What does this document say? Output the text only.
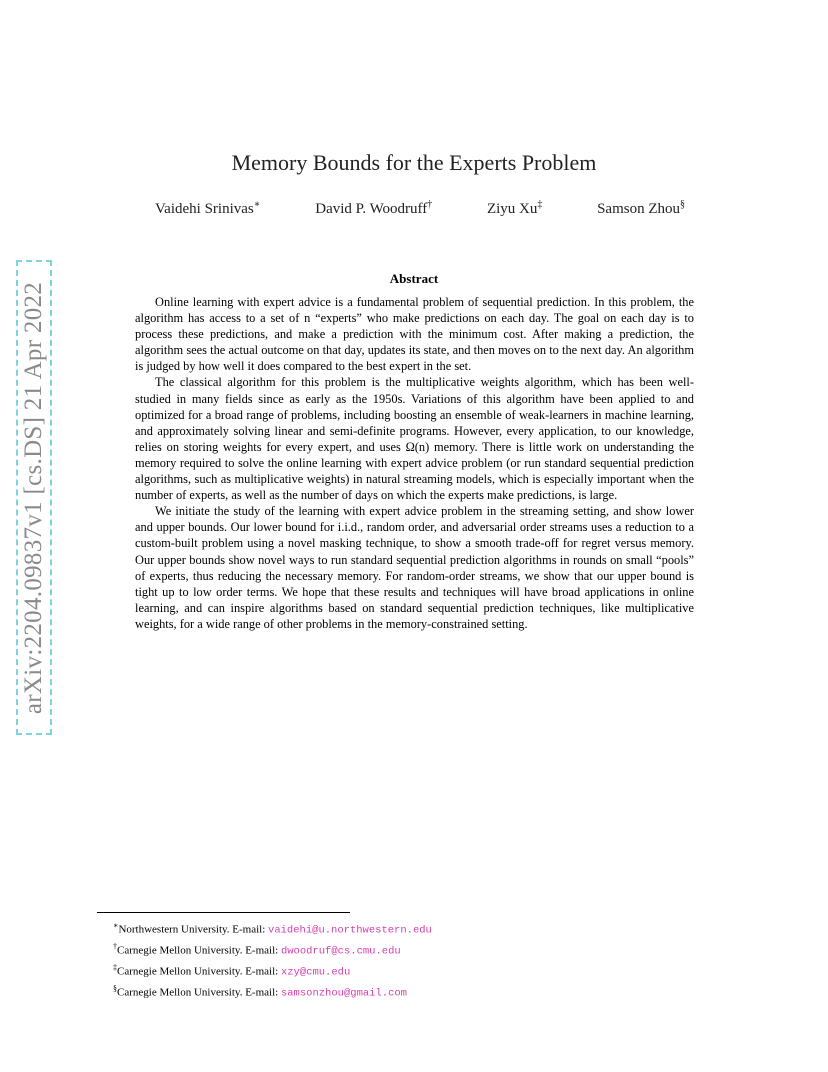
arXiv:2204.09837v1 [cs.DS] 21 Apr 2022
Memory Bounds for the Experts Problem
Vaidehi Srinivas∗	David P. Woodruff†	Ziyu Xu‡	Samson Zhou§
Abstract

Online learning with expert advice is a fundamental problem of sequential prediction. In this problem, the algorithm has access to a set of n “experts” who make predictions on each day. The goal on each day is to process these predictions, and make a prediction with the minimum cost. After making a prediction, the algorithm sees the actual outcome on that day, updates its state, and then moves on to the next day. An algorithm is judged by how well it does compared to the best expert in the set.

The classical algorithm for this problem is the multiplicative weights algorithm, which has been well-studied in many fields since as early as the 1950s. Variations of this algorithm have been applied to and optimized for a broad range of problems, including boosting an ensemble of weak-learners in machine learning, and approximately solving linear and semi-definite programs. However, every application, to our knowledge, relies on storing weights for every expert, and uses Ω(n) memory. There is little work on understanding the memory required to solve the online learning with expert advice problem (or run standard sequential prediction algorithms, such as multiplicative weights) in natural streaming models, which is especially important when the number of experts, as well as the number of days on which the experts make predictions, is large.

We initiate the study of the learning with expert advice problem in the streaming setting, and show lower and upper bounds. Our lower bound for i.i.d., random order, and adversarial order streams uses a reduction to a custom-built problem using a novel masking technique, to show a smooth trade-off for regret versus memory. Our upper bounds show novel ways to run standard sequential prediction algorithms in rounds on small “pools” of experts, thus reducing the necessary memory. For random-order streams, we show that our upper bound is tight up to low order terms. We hope that these results and techniques will have broad applications in online learning, and can inspire algorithms based on standard sequential prediction techniques, like multiplicative weights, for a wide range of other problems in the memory-constrained setting.

∗Northwestern University. E-mail: vaidehi@u.northwestern.edu
†Carnegie Mellon University. E-mail: dwoodruf@cs.cmu.edu
‡Carnegie Mellon University. E-mail: xzy@cmu.edu
§Carnegie Mellon University. E-mail: samsonzhou@gmail.com
